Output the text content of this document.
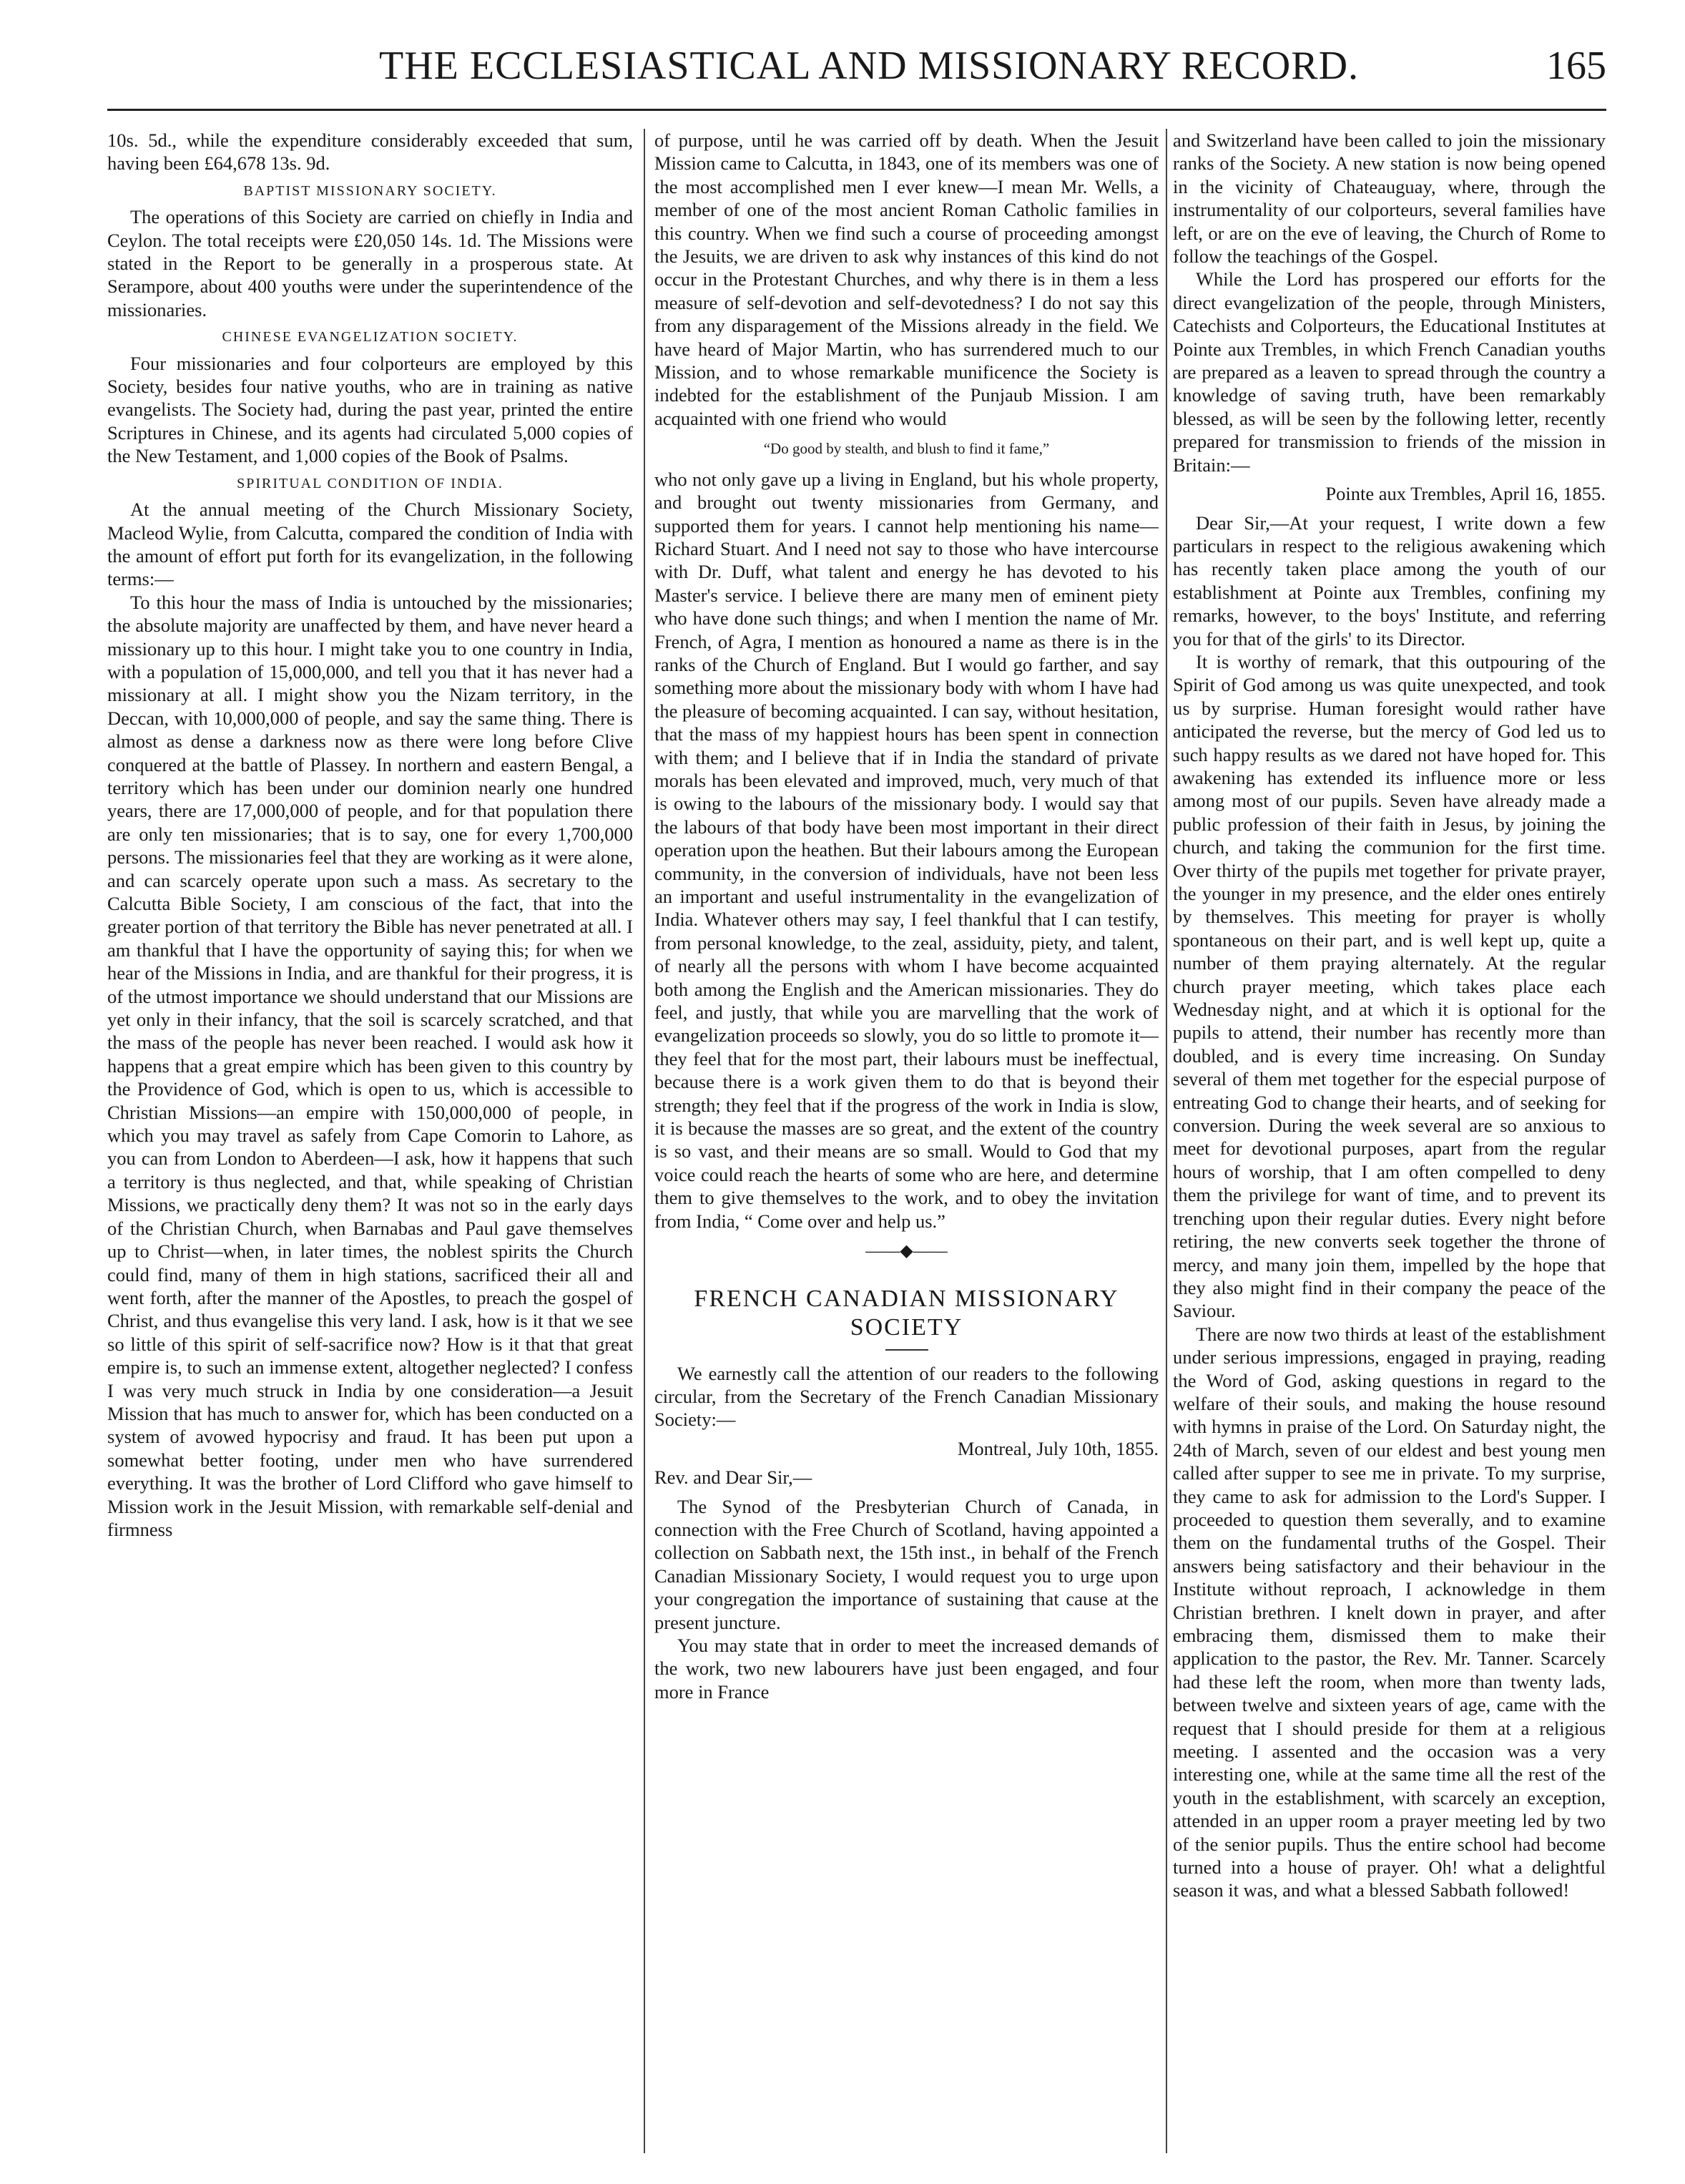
THE ECCLESIASTICAL AND MISSIONARY RECORD.	165

10s. 5d., while the expenditure considerably exceeded that sum, having been £64,678 13s. 9d.

BAPTIST MISSIONARY SOCIETY.

The operations of this Society are carried on chiefly in India and Ceylon. The total receipts were £20,050 14s. 1d. The Missions were stated in the Report to be generally in a prosperous state. At Serampore, about 400 youths were under the superintendence of the missionaries.

CHINESE EVANGELIZATION SOCIETY.

Four missionaries and four colporteurs are employed by this Society, besides four native youths, who are in training as native evangelists. The Society had, during the past year, printed the entire Scriptures in Chinese, and its agents had circulated 5,000 copies of the New Testament, and 1,000 copies of the Book of Psalms.

SPIRITUAL CONDITION OF INDIA.

At the annual meeting of the Church Missionary Society, Macleod Wylie, from Calcutta, compared the condition of India with the amount of effort put forth for its evangelization, in the following terms:—

To this hour the mass of India is untouched by the missionaries; the absolute majority are unaffected by them, and have never heard a missionary up to this hour. I might take you to one country in India, with a population of 15,000,000, and tell you that it has never had a missionary at all. I might show you the Nizam territory, in the Deccan, with 10,000,000 of people, and say the same thing. There is almost as dense a darkness now as there were long before Clive conquered at the battle of Plassey. In northern and eastern Bengal, a territory which has been under our dominion nearly one hundred years, there are 17,000,000 of people, and for that population there are only ten missionaries; that is to say, one for every 1,700,000 persons. The missionaries feel that they are working as it were alone, and can scarcely operate upon such a mass. As secretary to the Calcutta Bible Society, I am conscious of the fact, that into the greater portion of that territory the Bible has never penetrated at all. I am thankful that I have the opportunity of saying this; for when we hear of the Missions in India, and are thankful for their progress, it is of the utmost importance we should understand that our Missions are yet only in their infancy, that the soil is scarcely scratched, and that the mass of the people has never been reached. I would ask how it happens that a great empire which has been given to this country by the Providence of God, which is open to us, which is accessible to Christian Missions—an empire with 150,000,000 of people, in which you may travel as safely from Cape Comorin to Lahore, as you can from London to Aberdeen—I ask, how it happens that such a territory is thus neglected, and that, while speaking of Christian Missions, we practically deny them? It was not so in the early days of the Christian Church, when Barnabas and Paul gave themselves up to Christ—when, in later times, the noblest spirits the Church could find, many of them in high stations, sacrificed their all and went forth, after the manner of the Apostles, to preach the gospel of Christ, and thus evangelise this very land. I ask, how is it that we see so little of this spirit of self-sacrifice now? How is it that that great empire is, to such an immense extent, altogether neglected? I confess I was very much struck in India by one consideration—a Jesuit Mission that has much to answer for, which has been conducted on a system of avowed hypocrisy and fraud. It has been put upon a somewhat better footing, under men who have surrendered everything. It was the brother of Lord Clifford who gave himself to Mission work in the Jesuit Mission, with remarkable self-denial and firmness

of purpose, until he was carried off by death. When the Jesuit Mission came to Calcutta, in 1843, one of its members was one of the most accomplished men I ever knew—I mean Mr. Wells, a member of one of the most ancient Roman Catholic families in this country. When we find such a course of proceeding amongst the Jesuits, we are driven to ask why instances of this kind do not occur in the Protestant Churches, and why there is in them a less measure of self-devotion and self-devotedness? I do not say this from any disparagement of the Missions already in the field. We have heard of Major Martin, who has surrendered much to our Mission, and to whose remarkable munificence the Society is indebted for the establishment of the Punjaub Mission. I am acquainted with one friend who would

“Do good by stealth, and blush to find it fame,”

who not only gave up a living in England, but his whole property, and brought out twenty missionaries from Germany, and supported them for years. I cannot help mentioning his name—Richard Stuart. And I need not say to those who have intercourse with Dr. Duff, what talent and energy he has devoted to his Master's service. I believe there are many men of eminent piety who have done such things; and when I mention the name of Mr. French, of Agra, I mention as honoured a name as there is in the ranks of the Church of England. But I would go farther, and say something more about the missionary body with whom I have had the pleasure of becoming acquainted. I can say, without hesitation, that the mass of my happiest hours has been spent in connection with them; and I believe that if in India the standard of private morals has been elevated and improved, much, very much of that is owing to the labours of the missionary body. I would say that the labours of that body have been most important in their direct operation upon the heathen. But their labours among the European community, in the conversion of individuals, have not been less an important and useful instrumentality in the evangelization of India. Whatever others may say, I feel thankful that I can testify, from personal knowledge, to the zeal, assiduity, piety, and talent, of nearly all the persons with whom I have become acquainted both among the English and the American missionaries. They do feel, and justly, that while you are marvelling that the work of evangelization proceeds so slowly, you do so little to promote it—they feel that for the most part, their labours must be ineffectual, because there is a work given them to do that is beyond their strength; they feel that if the progress of the work in India is slow, it is because the masses are so great, and the extent of the country is so vast, and their means are so small. Would to God that my voice could reach the hearts of some who are here, and determine them to give themselves to the work, and to obey the invitation from India, “ Come over and help us.”

——◆——
FRENCH CANADIAN MISSIONARY
SOCIETY

We earnestly call the attention of our readers to the following circular, from the Secretary of the French Canadian Missionary Society:—

Montreal, July 10th, 1855.

Rev. and Dear Sir,—

The Synod of the Presbyterian Church of Canada, in connection with the Free Church of Scotland, having appointed a collection on Sabbath next, the 15th inst., in behalf of the French Canadian Missionary Society, I would request you to urge upon your congregation the importance of sustaining that cause at the present juncture.

You may state that in order to meet the increased demands of the work, two new labourers have just been engaged, and four more in France

and Switzerland have been called to join the missionary ranks of the Society. A new station is now being opened in the vicinity of Chateauguay, where, through the instrumentality of our colporteurs, several families have left, or are on the eve of leaving, the Church of Rome to follow the teachings of the Gospel.

While the Lord has prospered our efforts for the direct evangelization of the people, through Ministers, Catechists and Colporteurs, the Educational Institutes at Pointe aux Trembles, in which French Canadian youths are prepared as a leaven to spread through the country a knowledge of saving truth, have been remarkably blessed, as will be seen by the following letter, recently prepared for transmission to friends of the mission in Britain:—

Pointe aux Trembles, April 16, 1855.

Dear Sir,—At your request, I write down a few particulars in respect to the religious awakening which has recently taken place among the youth of our establishment at Pointe aux Trembles, confining my remarks, however, to the boys' Institute, and referring you for that of the girls' to its Director.

It is worthy of remark, that this outpouring of the Spirit of God among us was quite unexpected, and took us by surprise. Human foresight would rather have anticipated the reverse, but the mercy of God led us to such happy results as we dared not have hoped for. This awakening has extended its influence more or less among most of our pupils. Seven have already made a public profession of their faith in Jesus, by joining the church, and taking the communion for the first time. Over thirty of the pupils met together for private prayer, the younger in my presence, and the elder ones entirely by themselves. This meeting for prayer is wholly spontaneous on their part, and is well kept up, quite a number of them praying alternately. At the regular church prayer meeting, which takes place each Wednesday night, and at which it is optional for the pupils to attend, their number has recently more than doubled, and is every time increasing. On Sunday several of them met together for the especial purpose of entreating God to change their hearts, and of seeking for conversion. During the week several are so anxious to meet for devotional purposes, apart from the regular hours of worship, that I am often compelled to deny them the privilege for want of time, and to prevent its trenching upon their regular duties. Every night before retiring, the new converts seek together the throne of mercy, and many join them, impelled by the hope that they also might find in their company the peace of the Saviour.

There are now two thirds at least of the establishment under serious impressions, engaged in praying, reading the Word of God, asking questions in regard to the welfare of their souls, and making the house resound with hymns in praise of the Lord. On Saturday night, the 24th of March, seven of our eldest and best young men called after supper to see me in private. To my surprise, they came to ask for admission to the Lord's Supper. I proceeded to question them severally, and to examine them on the fundamental truths of the Gospel. Their answers being satisfactory and their behaviour in the Institute without reproach, I acknowledge in them Christian brethren. I knelt down in prayer, and after embracing them, dismissed them to make their application to the pastor, the Rev. Mr. Tanner. Scarcely had these left the room, when more than twenty lads, between twelve and sixteen years of age, came with the request that I should preside for them at a religious meeting. I assented and the occasion was a very interesting one, while at the same time all the rest of the youth in the establishment, with scarcely an exception, attended in an upper room a prayer meeting led by two of the senior pupils. Thus the entire school had become turned into a house of prayer. Oh! what a delightful season it was, and what a blessed Sabbath followed!
